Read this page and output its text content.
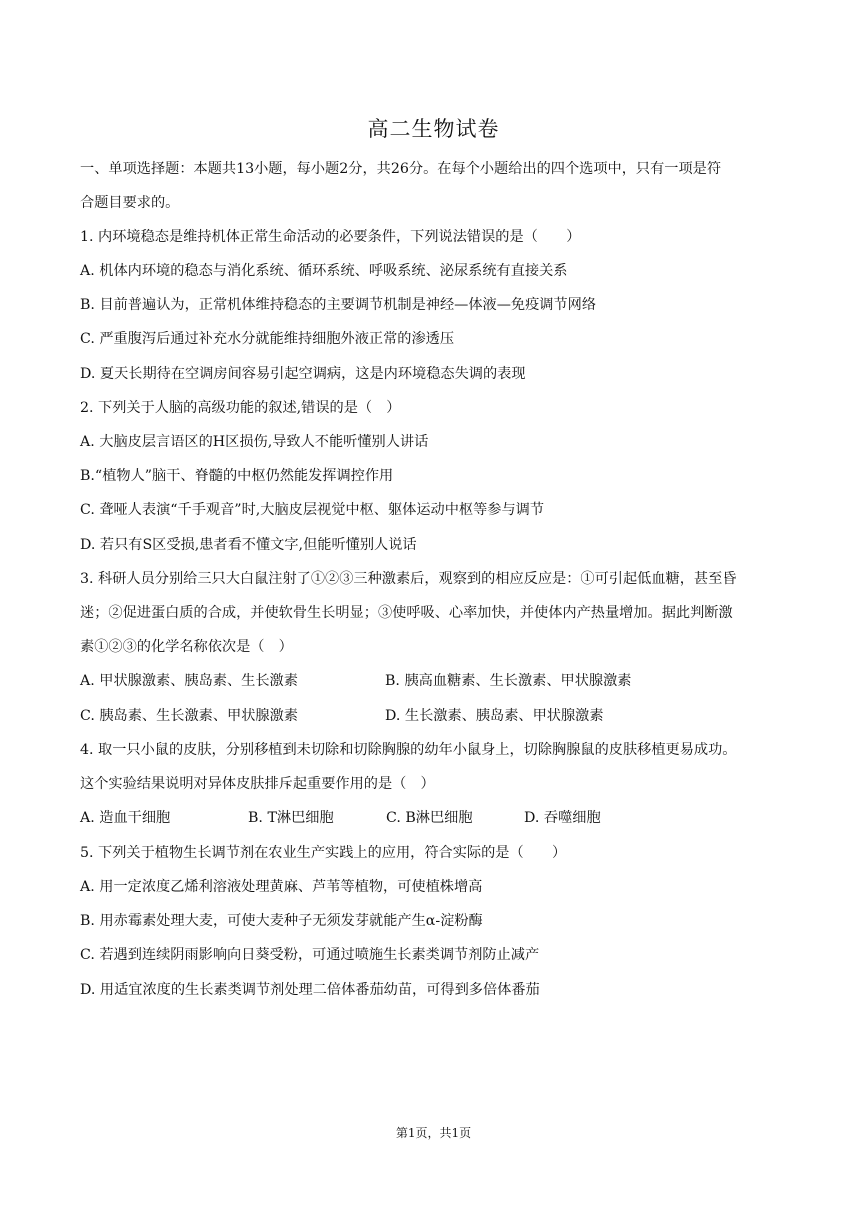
高二生物试卷
一、单项选择题：本题共13小题，每小题2分，共26分。在每个小题给出的四个选项中，只有一项是符
合题目要求的。
1. 内环境稳态是维持机体正常生命活动的必要条件，下列说法错误的是（　　）
A. 机体内环境的稳态与消化系统、循环系统、呼吸系统、泌尿系统有直接关系
B. 目前普遍认为，正常机体维持稳态的主要调节机制是神经—体液—免疫调节网络
C. 严重腹泻后通过补充水分就能维持细胞外液正常的渗透压
D. 夏天长期待在空调房间容易引起空调病，这是内环境稳态失调的表现
2. 下列关于人脑的高级功能的叙述,错误的是（　）
A. 大脑皮层言语区的H区损伤,导致人不能听懂别人讲话
B.“植物人”脑干、脊髓的中枢仍然能发挥调控作用
C. 聋哑人表演“千手观音”时,大脑皮层视觉中枢、躯体运动中枢等参与调节
D. 若只有S区受损,患者看不懂文字,但能听懂别人说话
3. 科研人员分别给三只大白鼠注射了①②③三种激素后，观察到的相应反应是：①可引起低血糖，甚至昏
迷；②促进蛋白质的合成，并使软骨生长明显；③使呼吸、心率加快，并使体内产热量增加。据此判断激
素①②③的化学名称依次是（　）
A. 甲状腺激素、胰岛素、生长激素	B. 胰高血糖素、生长激素、甲状腺激素
C. 胰岛素、生长激素、甲状腺激素	D. 生长激素、胰岛素、甲状腺激素
4. 取一只小鼠的皮肤，分别移植到未切除和切除胸腺的幼年小鼠身上，切除胸腺鼠的皮肤移植更易成功。
这个实验结果说明对异体皮肤排斥起重要作用的是（　）
A. 造血干细胞	B. T淋巴细胞	C. B淋巴细胞	D. 吞噬细胞
5. 下列关于植物生长调节剂在农业生产实践上的应用，符合实际的是（　　）
A. 用一定浓度乙烯利溶液处理黄麻、芦苇等植物，可使植株增高
B. 用赤霉素处理大麦，可使大麦种子无须发芽就能产生α-淀粉酶
C. 若遇到连续阴雨影响向日葵受粉，可通过喷施生长素类调节剂防止减产
D. 用适宜浓度的生长素类调节剂处理二倍体番茄幼苗，可得到多倍体番茄
第1页，共1页
